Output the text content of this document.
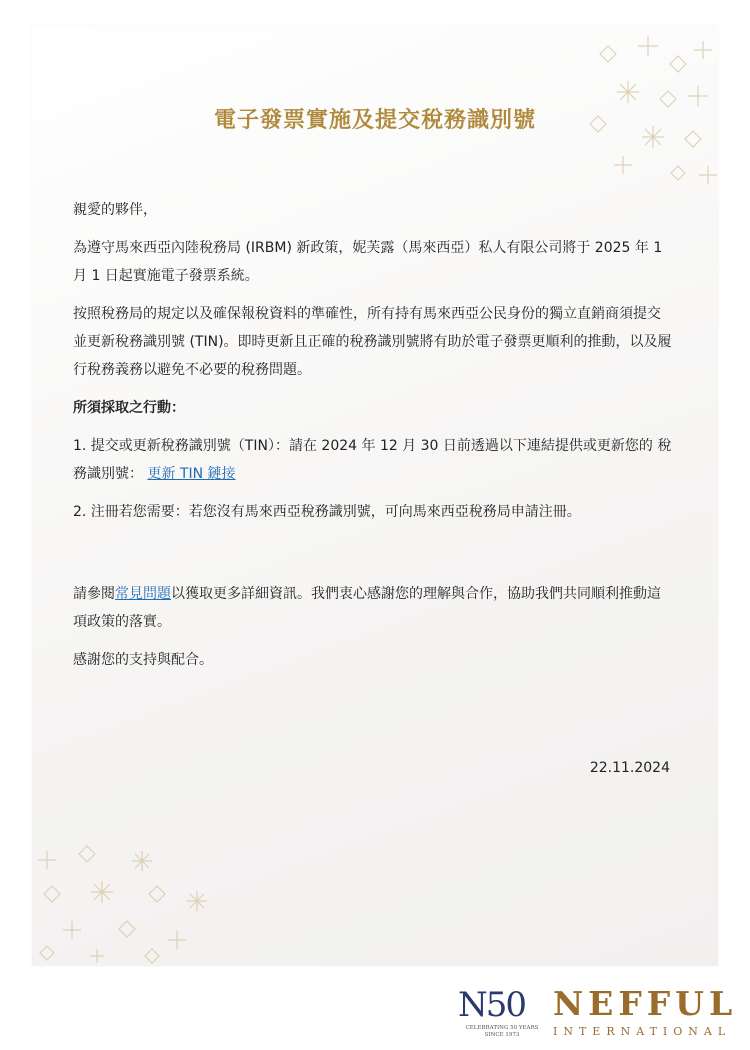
電子發票實施及提交稅務識別號

親愛的夥伴，

為遵守馬來西亞內陸稅務局 (IRBM) 新政策，妮芙露（馬來西亞）私人有限公司將于 2025 年 1 月 1 日起實施電子發票系統。

按照稅務局的規定以及確保報稅資料的準確性，所有持有馬來西亞公民身份的獨立直銷商須提交並更新稅務識別號 (TIN)。即時更新且正確的稅務識別號將有助於電子發票更順利的推動，以及履行稅務義務以避免不必要的稅務問題。

所須採取之行動：

1. 提交或更新稅務識別號（TIN）：請在 2024 年 12 月 30 日前透過以下連結提供或更新您的 稅務識別號： 更新 TIN 鏈接

2. 注冊若您需要：若您沒有馬來西亞稅務識別號，可向馬來西亞稅務局申請注冊。

請參閱常見問題以獲取更多詳細資訊。我們衷心感謝您的理解與合作，協助我們共同順利推動這項政策的落實。

感謝您的支持與配合。

22.11.2024
N50
CELEBRATING 50 YEARS
SINCE 1973
NEFFUL
INTERNATIONAL
